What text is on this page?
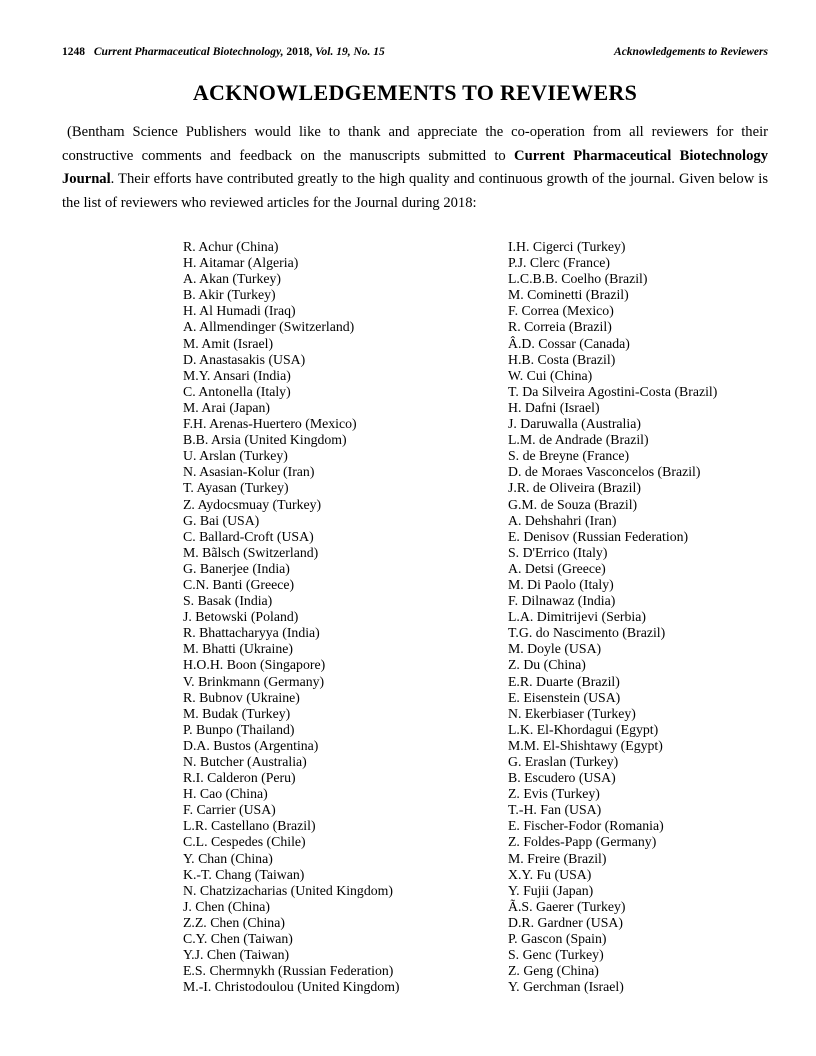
1248 Current Pharmaceutical Biotechnology, 2018, Vol. 19, No. 15	Acknowledgements to Reviewers
ACKNOWLEDGEMENTS TO REVIEWERS

(Bentham Science Publishers would like to thank and appreciate the co-operation from all reviewers for their constructive comments and feedback on the manuscripts submitted to Current Pharmaceutical Biotechnology Journal. Their efforts have contributed greatly to the high quality and continuous growth of the journal. Given below is the list of reviewers who reviewed articles for the Journal during 2018:

R. Achur (China)
H. Aitamar (Algeria)
A. Akan (Turkey)
B. Akir (Turkey)
H. Al Humadi (Iraq)
A. Allmendinger (Switzerland)
M. Amit (Israel)
D. Anastasakis (USA)
M.Y. Ansari (India)
C. Antonella (Italy)
M. Arai (Japan)
F.H. Arenas-Huertero (Mexico)
B.B. Arsia (United Kingdom)
U. Arslan (Turkey)
N. Asasian-Kolur (Iran)
T. Ayasan (Turkey)
Z. Aydocsmuay (Turkey)
G. Bai (USA)
C. Ballard-Croft (USA)
M. Bãlsch (Switzerland)
G. Banerjee (India)
C.N. Banti (Greece)
S. Basak (India)
J. Betowski (Poland)
R. Bhattacharyya (India)
M. Bhatti (Ukraine)
H.O.H. Boon (Singapore)
V. Brinkmann (Germany)
R. Bubnov (Ukraine)
M. Budak (Turkey)
P. Bunpo (Thailand)
D.A. Bustos (Argentina)
N. Butcher (Australia)
R.I. Calderon (Peru)
H. Cao (China)
F. Carrier (USA)
L.R. Castellano (Brazil)
C.L. Cespedes (Chile)
Y. Chan (China)
K.-T. Chang (Taiwan)
N. Chatzizacharias (United Kingdom)
J. Chen (China)
Z.Z. Chen (China)
C.Y. Chen (Taiwan)
Y.J. Chen (Taiwan)
E.S. Chermnykh (Russian Federation)
M.-I. Christodoulou (United Kingdom)
I.H. Cigerci (Turkey)
P.J. Clerc (France)
L.C.B.B. Coelho (Brazil)
M. Cominetti (Brazil)
F. Correa (Mexico)
R. Correia (Brazil)
Â.D. Cossar (Canada)
H.B. Costa (Brazil)
W. Cui (China)
T. Da Silveira Agostini-Costa (Brazil)
H. Dafni (Israel)
J. Daruwalla (Australia)
L.M. de Andrade (Brazil)
S. de Breyne (France)
D. de Moraes Vasconcelos (Brazil)
J.R. de Oliveira (Brazil)
G.M. de Souza (Brazil)
A. Dehshahri (Iran)
E. Denisov (Russian Federation)
S. D'Errico (Italy)
A. Detsi (Greece)
M. Di Paolo (Italy)
F. Dilnawaz (India)
L.A. Dimitrijevi (Serbia)
T.G. do Nascimento (Brazil)
M. Doyle (USA)
Z. Du (China)
E.R. Duarte (Brazil)
E. Eisenstein (USA)
N. Ekerbiaser (Turkey)
L.K. El-Khordagui (Egypt)
M.M. El-Shishtawy (Egypt)
G. Eraslan (Turkey)
B. Escudero (USA)
Z. Evis (Turkey)
T.-H. Fan (USA)
E. Fischer-Fodor (Romania)
Z. Foldes-Papp (Germany)
M. Freire (Brazil)
X.Y. Fu (USA)
Y. Fujii (Japan)
Ã.S. Gaerer (Turkey)
D.R. Gardner (USA)
P. Gascon (Spain)
S. Genc (Turkey)
Z. Geng (China)
Y. Gerchman (Israel)
